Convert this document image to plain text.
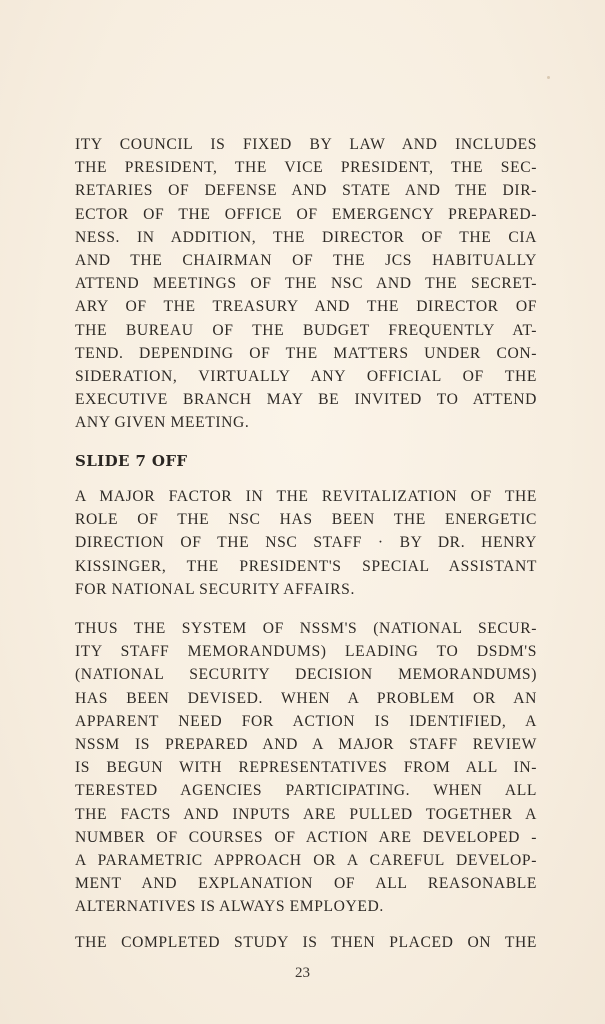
ITY COUNCIL IS FIXED BY LAW AND INCLUDES
THE PRESIDENT, THE VICE PRESIDENT, THE SEC-
RETARIES OF DEFENSE AND STATE AND THE DIR-
ECTOR OF THE OFFICE OF EMERGENCY PREPARED-
NESS. IN ADDITION, THE DIRECTOR OF THE CIA
AND THE CHAIRMAN OF THE JCS HABITUALLY
ATTEND MEETINGS OF THE NSC AND THE SECRET-
ARY OF THE TREASURY AND THE DIRECTOR OF
THE BUREAU OF THE BUDGET FREQUENTLY AT-
TEND. DEPENDING OF THE MATTERS UNDER CON-
SIDERATION, VIRTUALLY ANY OFFICIAL OF THE
EXECUTIVE BRANCH MAY BE INVITED TO ATTEND
ANY GIVEN MEETING.
SLIDE 7 OFF
A MAJOR FACTOR IN THE REVITALIZATION OF THE
ROLE OF THE NSC HAS BEEN THE ENERGETIC
DIRECTION OF THE NSC STAFF · BY DR. HENRY
KISSINGER, THE PRESIDENT'S SPECIAL ASSISTANT
FOR NATIONAL SECURITY AFFAIRS.
THUS THE SYSTEM OF NSSM'S (NATIONAL SECUR-
ITY STAFF MEMORANDUMS) LEADING TO DSDM'S
(NATIONAL SECURITY DECISION MEMORANDUMS)
HAS BEEN DEVISED. WHEN A PROBLEM OR AN
APPARENT NEED FOR ACTION IS IDENTIFIED, A
NSSM IS PREPARED AND A MAJOR STAFF REVIEW
IS BEGUN WITH REPRESENTATIVES FROM ALL IN-
TERESTED AGENCIES PARTICIPATING. WHEN ALL
THE FACTS AND INPUTS ARE PULLED TOGETHER A
NUMBER OF COURSES OF ACTION ARE DEVELOPED -
A PARAMETRIC APPROACH OR A CAREFUL DEVELOP-
MENT AND EXPLANATION OF ALL REASONABLE
ALTERNATIVES IS ALWAYS EMPLOYED.
THE COMPLETED STUDY IS THEN PLACED ON THE
23
